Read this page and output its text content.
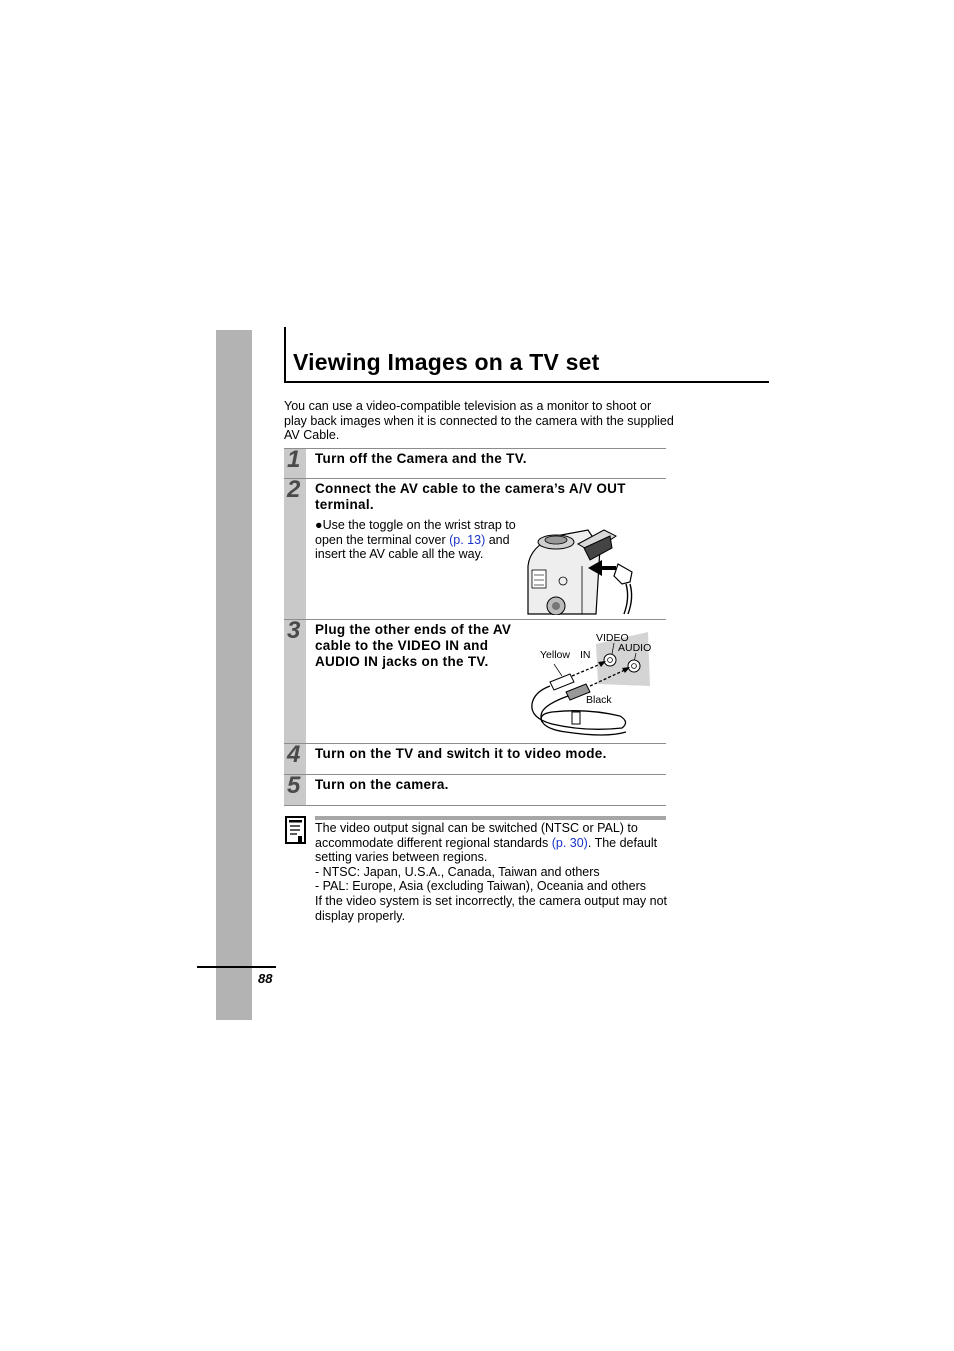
Viewing Images on a TV set

You can use a video-compatible television as a monitor to shoot or play back images when it is connected to the camera with the supplied AV Cable.

1 Turn off the Camera and the TV.

2 Connect the AV cable to the camera’s A/V OUT terminal.

●Use the toggle on the wrist strap to open the terminal cover (p. 13) and insert the AV cable all the way.

3 Plug the other ends of the AV cable to the VIDEO IN and AUDIO IN jacks on the TV.

VIDEO
IN
AUDIO
Yellow
Black
4 Turn on the TV and switch it to video mode.

5 Turn on the camera.

The video output signal can be switched (NTSC or PAL) to accommodate different regional standards (p. 30). The default setting varies between regions.
- NTSC: Japan, U.S.A., Canada, Taiwan and others
- PAL: Europe, Asia (excluding Taiwan), Oceania and others
If the video system is set incorrectly, the camera output may not display properly.
88
